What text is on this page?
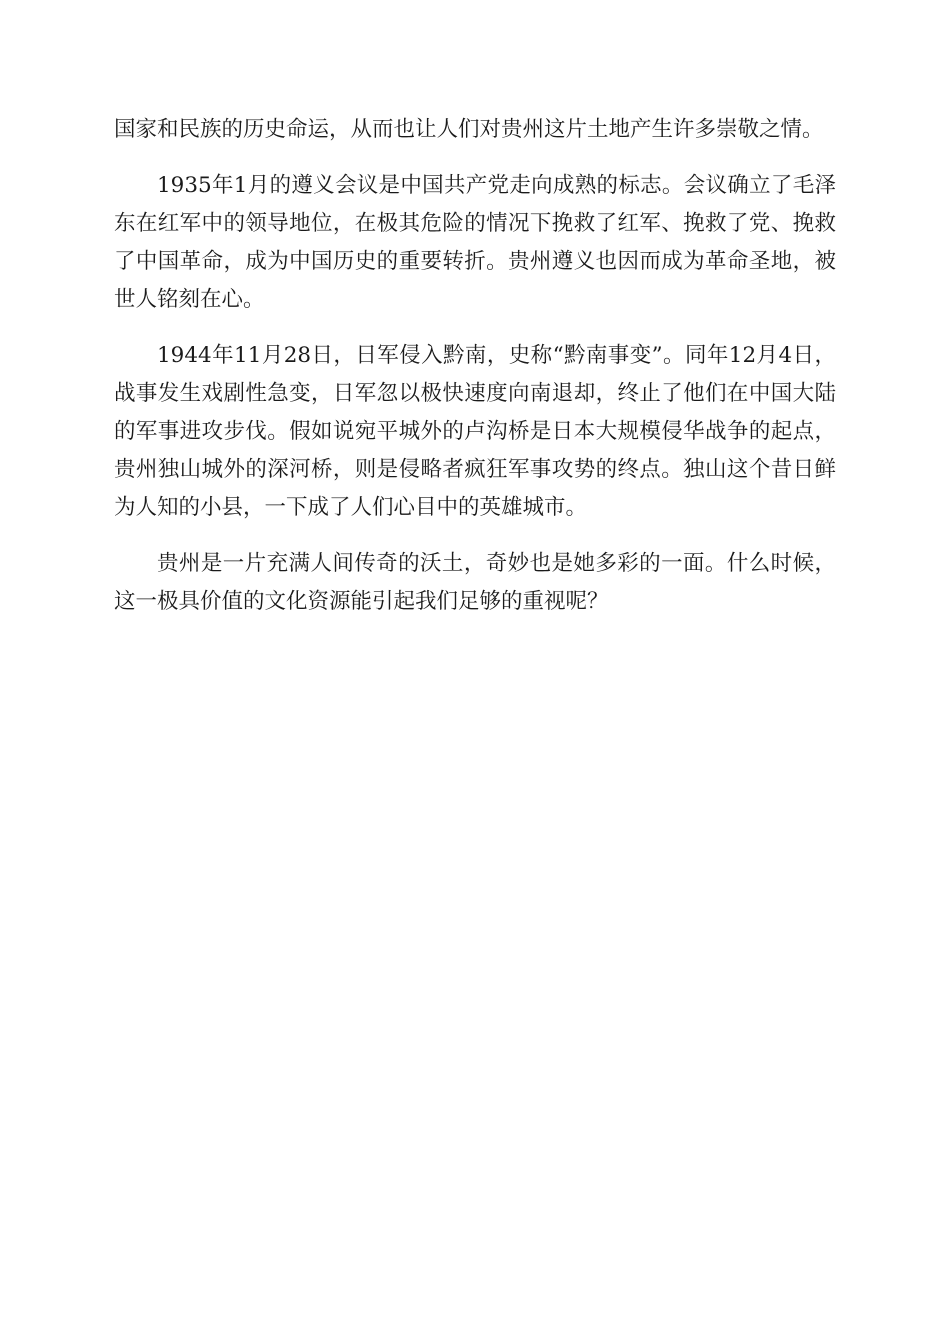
国家和民族的历史命运，从而也让人们对贵州这片土地产生许多崇敬之情。

1935年1月的遵义会议是中国共产党走向成熟的标志。会议确立了毛泽东在红军中的领导地位，在极其危险的情况下挽救了红军、挽救了党、挽救了中国革命，成为中国历史的重要转折。贵州遵义也因而成为革命圣地，被世人铭刻在心。

1944年11月28日，日军侵入黔南，史称“黔南事变”。同年12月4日，战事发生戏剧性急变，日军忽以极快速度向南退却，终止了他们在中国大陆的军事进攻步伐。假如说宛平城外的卢沟桥是日本大规模侵华战争的起点，贵州独山城外的深河桥，则是侵略者疯狂军事攻势的终点。独山这个昔日鲜为人知的小县，一下成了人们心目中的英雄城市。

贵州是一片充满人间传奇的沃土，奇妙也是她多彩的一面。什么时候，这一极具价值的文化资源能引起我们足够的重视呢？
